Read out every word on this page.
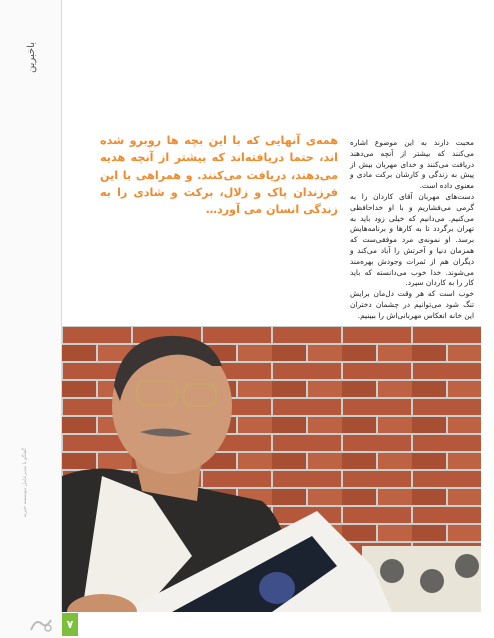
باخبرین
گفتگو با مدیرعامل موسسه خیریه
همه‌ی آنهایی که با این بچه ها روبرو شده اند، حتما دریافته‌اند که بیشتر از آنچه هدیه می‌دهند، دریافت می‌کنند. و همراهی با این فرزندان پاک و زلال، برکت و شادی را به زندگی انسان می آورد…

محبت دارند به این موضوع اشاره می‌کنند که بیشتر از آنچه می‌دهند دریافت می‌کنند و خدای مهربان بیش از پیش به زندگی و کارشان برکت مادی و معنوی داده است.

دست‌های مهربان آقای کاردان را به گرمی می‌فشاریم و با او خداحافظی می‌کنیم. می‌دانیم که خیلی زود باید به تهران برگردد تا به کارها و برنامه‌هایش برسد. او نمونه‌ی مرد موفقی‌ست که همزمان دنیا و آخرتش را آباد می‌کند و دیگران هم از ثمرات وجودش بهره‌مند می‌شوند. خدا خوب می‌دانسته که باید کار را به کاردان سپرد.

خوب است که هر وقت دل‌مان برایش تنگ شود می‌توانیم در چشمان دختران این خانه انعکاس مهربانی‌اش را ببینیم.

۷
